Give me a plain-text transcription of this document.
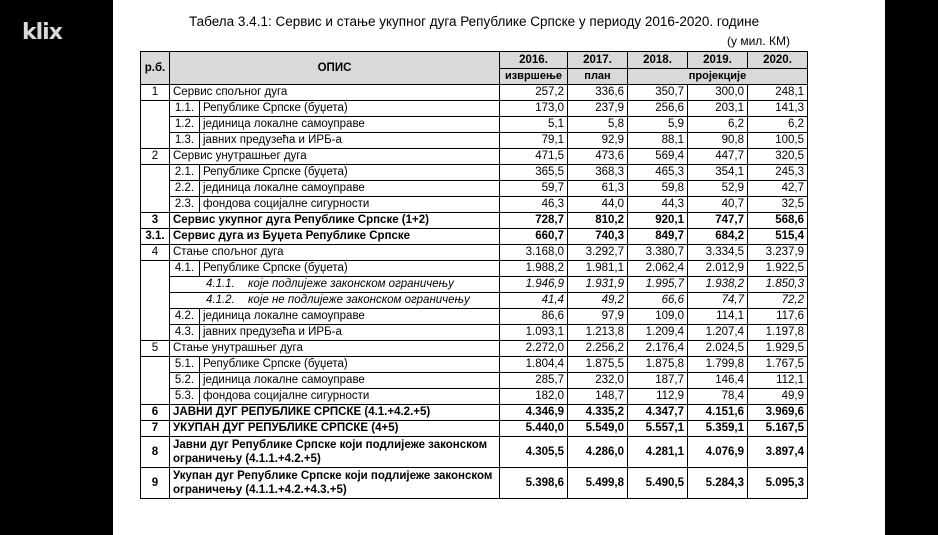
klix	Табела 3.4.1: Сервис и стање укупног дуга Републике Српске у периоду 2016-2020. године
(у мил. КМ)
р.б.	ОПИС		2016.	2017.	2018.	2019.	2020.
			извршење	план	пројекције		
1	Сервис спољног дуга		257,2	336,6	350,7	300,0	248,1
	1.1.	Републике Српске (буџета)	173,0	237,9	256,6	203,1	141,3
	1.2.	јединица локалне самоуправе	5,1	5,8	5,9	6,2	6,2
	1.3.	јавних предузећа и ИРБ-а	79,1	92,9	88,1	90,8	100,5
2	Сервис унутрашњег дуга		471,5	473,6	569,4	447,7	320,5
	2.1.	Републике Српске (буџета)	365,5	368,3	465,3	354,1	245,3
	2.2.	јединица локалне самоуправе	59,7	61,3	59,8	52,9	42,7
	2.3.	фондова социјалне сигурности	46,3	44,0	44,3	40,7	32,5
3	Сервис укупног дуга Републике Српске (1+2)		728,7	810,2	920,1	747,7	568,6
3.1.	Сервис дуга из Буџета Републике Српске		660,7	740,3	849,7	684,2	515,4
4	Стање спољног дуга		3.168,0	3.292,7	3.380,7	3.334,5	3.237,9
	4.1.	Републике Српске (буџета)	1.988,2	1.981,1	2.062,4	2.012,9	1.922,5
	4.1.1. које подлијеже законском ограничењу		1.946,9	1.931,9	1.995,7	1.938,2	1.850,3
	4.1.2. које не подлијеже законском ограничењу		41,4	49,2	66,6	74,7	72,2
	4.2.	јединица локалне самоуправе	86,6	97,9	109,0	114,1	117,6
	4.3.	јавних предузећа и ИРБ-а	1.093,1	1.213,8	1.209,4	1.207,4	1.197,8
5	Стање унутрашњег дуга		2.272,0	2.256,2	2.176,4	2.024,5	1.929,5
	5.1.	Републике Српске (буџета)	1.804,4	1.875,5	1.875,8	1.799,8	1.767,5
	5.2.	јединица локалне самоуправе	285,7	232,0	187,7	146,4	112,1
	5.3.	фондова социјалне сигурности	182,0	148,7	112,9	78,4	49,9
6	ЈАВНИ ДУГ РЕПУБЛИКЕ СРПСКЕ (4.1.+4.2.+5)		4.346,9	4.335,2	4.347,7	4.151,6	3.969,6
7	УКУПАН ДУГ РЕПУБЛИКЕ СРПСКЕ (4+5)		5.440,0	5.549,0	5.557,1	5.359,1	5.167,5
8	Јавни дуг Републике Српске који подлијеже законском ограничењу (4.1.1.+4.2.+5)		4.305,5	4.286,0	4.281,1	4.076,9	3.897,4
9	Укупан дуг Републике Српске који подлијеже законском ограничењу (4.1.1.+4.2.+4.3.+5)		5.398,6	5.499,8	5.490,5	5.284,3	5.095,3
